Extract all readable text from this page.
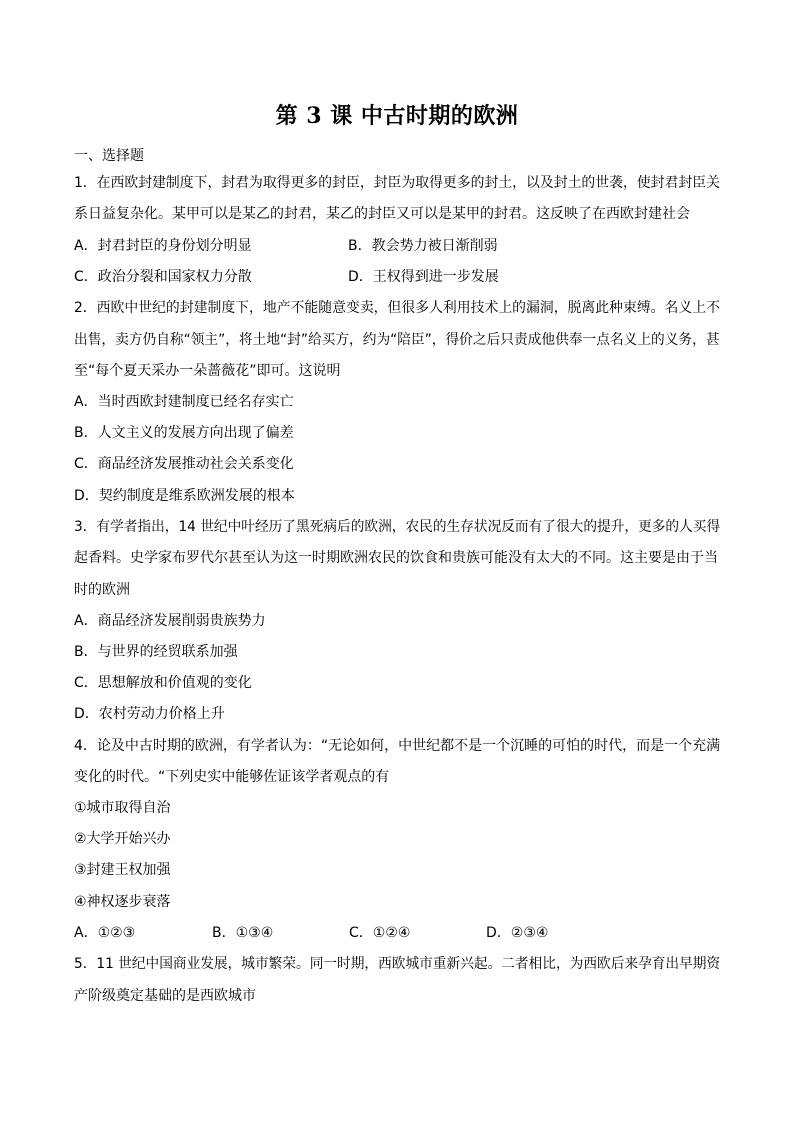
第 3 课 中古时期的欧洲
一、选择题
1．在西欧封建制度下，封君为取得更多的封臣，封臣为取得更多的封土，以及封土的世袭，使封君封臣关
系日益复杂化。某甲可以是某乙的封君，某乙的封臣又可以是某甲的封君。这反映了在西欧封建社会
A．封君封臣的身份划分明显	B．教会势力被日渐削弱
C．政治分裂和国家权力分散	D．王权得到进一步发展
2．西欧中世纪的封建制度下，地产不能随意变卖，但很多人利用技术上的漏洞，脱离此种束缚。名义上不
出售，卖方仍自称“领主”，将土地“封”给买方，约为“陪臣”，得价之后只责成他供奉一点名义上的义务，甚
至“每个夏天采办一朵蔷薇花”即可。这说明
A．当时西欧封建制度已经名存实亡
B．人文主义的发展方向出现了偏差
C．商品经济发展推动社会关系变化
D．契约制度是维系欧洲发展的根本
3．有学者指出，14 世纪中叶经历了黑死病后的欧洲，农民的生存状况反而有了很大的提升，更多的人买得
起香料。史学家布罗代尔甚至认为这一时期欧洲农民的饮食和贵族可能没有太大的不同。这主要是由于当
时的欧洲
A．商品经济发展削弱贵族势力
B．与世界的经贸联系加强
C．思想解放和价值观的变化
D．农村劳动力价格上升
4．论及中古时期的欧洲，有学者认为：“无论如何，中世纪都不是一个沉睡的可怕的时代，而是一个充满
变化的时代。“下列史实中能够佐证该学者观点的有
①城市取得自治
②大学开始兴办
③封建王权加强
④神权逐步衰落
A．①②③	B．①③④	C．①②④	D．②③④
5．11 世纪中国商业发展，城市繁荣。同一时期，西欧城市重新兴起。二者相比，为西欧后来孕育出早期资
产阶级奠定基础的是西欧城市
